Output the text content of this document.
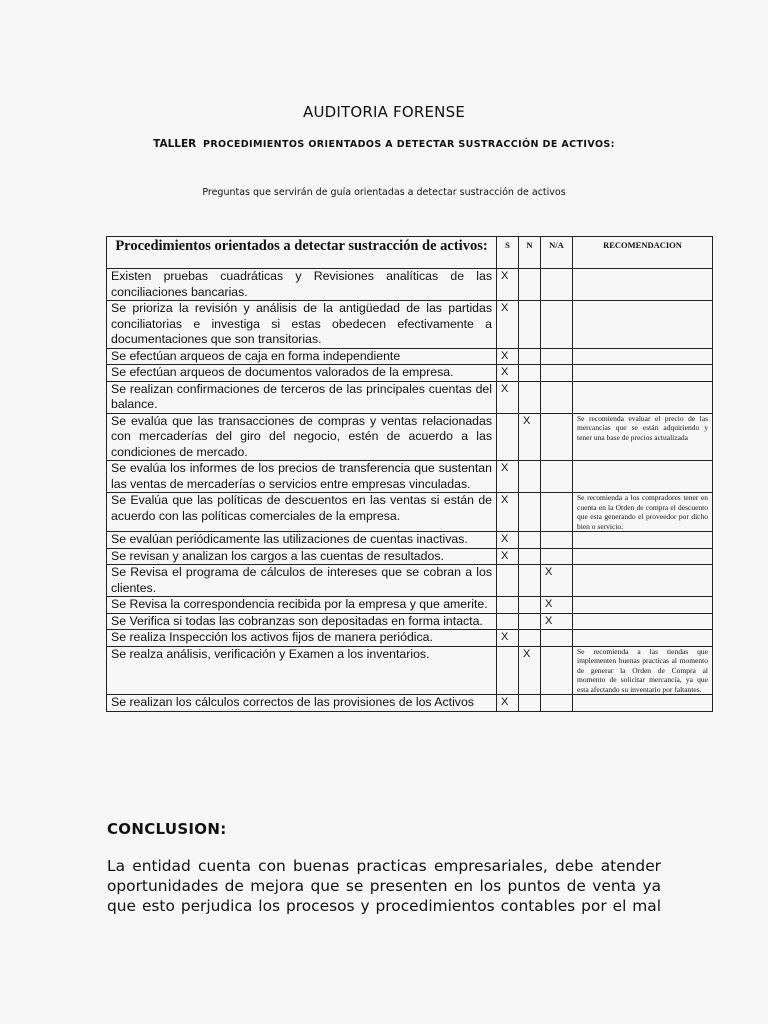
AUDITORIA FORENSE
TALLER PROCEDIMIENTOS ORIENTADOS A DETECTAR SUSTRACCIÓN DE ACTIVOS:
Preguntas que servirán de guía orientadas a detectar sustracción de activos
Procedimientos orientados a detectar sustracción de activos:	S	N	N/A	RECOMENDACION
Existen pruebas cuadráticas y Revisiones analíticas de las conciliaciones bancarias.	X			
Se prioriza la revisión y análisis de la antigüedad de las partidas conciliatorias e investiga si estas obedecen efectivamente a documentaciones que son transitorias.	X			
Se efectúan arqueos de caja en forma independiente	X			
Se efectúan arqueos de documentos valorados de la empresa.	X			
Se realizan confirmaciones de terceros de las principales cuentas del balance.	X			
Se evalúa que las transacciones de compras y ventas relacionadas con mercaderías del giro del negocio, estén de acuerdo a las condiciones de mercado.		X		Se recomienda evaluar el precio de las mercancías que se están adquiriendo y tener una base de precios actualizada
Se evalúa los informes de los precios de transferencia que sustentan las ventas de mercaderías o servicios entre empresas vinculadas.	X			
Se Evalúa que las políticas de descuentos en las ventas si están de acuerdo con las políticas comerciales de la empresa.	X			Se recomienda a los compradores tener en cuenta en la Orden de compra el descuento que esta generando el proveedor por dicho bien o servicio.
Se evalúan periódicamente las utilizaciones de cuentas inactivas.	X			
Se revisan y analizan los cargos a las cuentas de resultados.	X			
Se Revisa el programa de cálculos de intereses que se cobran a los clientes.			X	
Se Revisa la correspondencia recibida por la empresa y que amerite.			X	
Se Verifica si todas las cobranzas son depositadas en forma intacta.			X	
Se realiza Inspección los activos fijos de manera periódica.	X			
Se realza análisis, verificación y Examen a los inventarios.		X		Se recomienda a las tiendas que implementen buenas practicas al momento de generar la Orden de Compra al momento de solicitar mercancía, ya que esta afectando su inventario por faltantes.
Se realizan los cálculos correctos de las provisiones de los Activos	X			
CONCLUSION:
La entidad cuenta con buenas practicas empresariales, debe atender oportunidades de mejora que se presenten en los puntos de venta ya que esto perjudica los procesos y procedimientos contables por el mal
